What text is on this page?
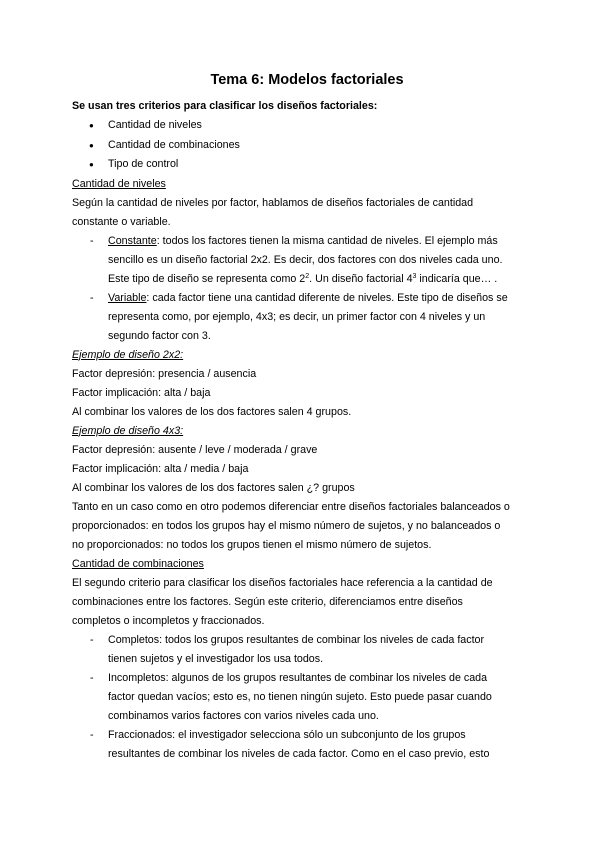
Tema 6: Modelos factoriales

Se usan tres criterios para clasificar los diseños factoriales:

● Cantidad de niveles
● Cantidad de combinaciones
● Tipo de control

Cantidad de niveles

Según la cantidad de niveles por factor, hablamos de diseños factoriales de cantidad

constante o variable.

- Constante: todos los factores tienen la misma cantidad de niveles. El ejemplo más
sencillo es un diseño factorial 2x2. Es decir, dos factores con dos niveles cada uno.
Este tipo de diseño se representa como $2^2$. Un diseño factorial $4^3$ indicaría que… .
- Variable: cada factor tiene una cantidad diferente de niveles. Este tipo de diseños se
representa como, por ejemplo, 4x3; es decir, un primer factor con 4 niveles y un
segundo factor con 3.

Ejemplo de diseño 2x2:

Factor depresión: presencia / ausencia

Factor implicación: alta / baja

Al combinar los valores de los dos factores salen 4 grupos.

Ejemplo de diseño 4x3:

Factor depresión: ausente / leve / moderada / grave

Factor implicación: alta / media / baja

Al combinar los valores de los dos factores salen ¿? grupos

Tanto en un caso como en otro podemos diferenciar entre diseños factoriales balanceados o

proporcionados: en todos los grupos hay el mismo número de sujetos, y no balanceados o

no proporcionados: no todos los grupos tienen el mismo número de sujetos.

Cantidad de combinaciones

El segundo criterio para clasificar los diseños factoriales hace referencia a la cantidad de

combinaciones entre los factores. Según este criterio, diferenciamos entre diseños

completos o incompletos y fraccionados.

- Completos: todos los grupos resultantes de combinar los niveles de cada factor
tienen sujetos y el investigador los usa todos.
- Incompletos: algunos de los grupos resultantes de combinar los niveles de cada
factor quedan vacíos; esto es, no tienen ningún sujeto. Esto puede pasar cuando
combinamos varios factores con varios niveles cada uno.
- Fraccionados: el investigador selecciona sólo un subconjunto de los grupos
resultantes de combinar los niveles de cada factor. Como en el caso previo, esto
